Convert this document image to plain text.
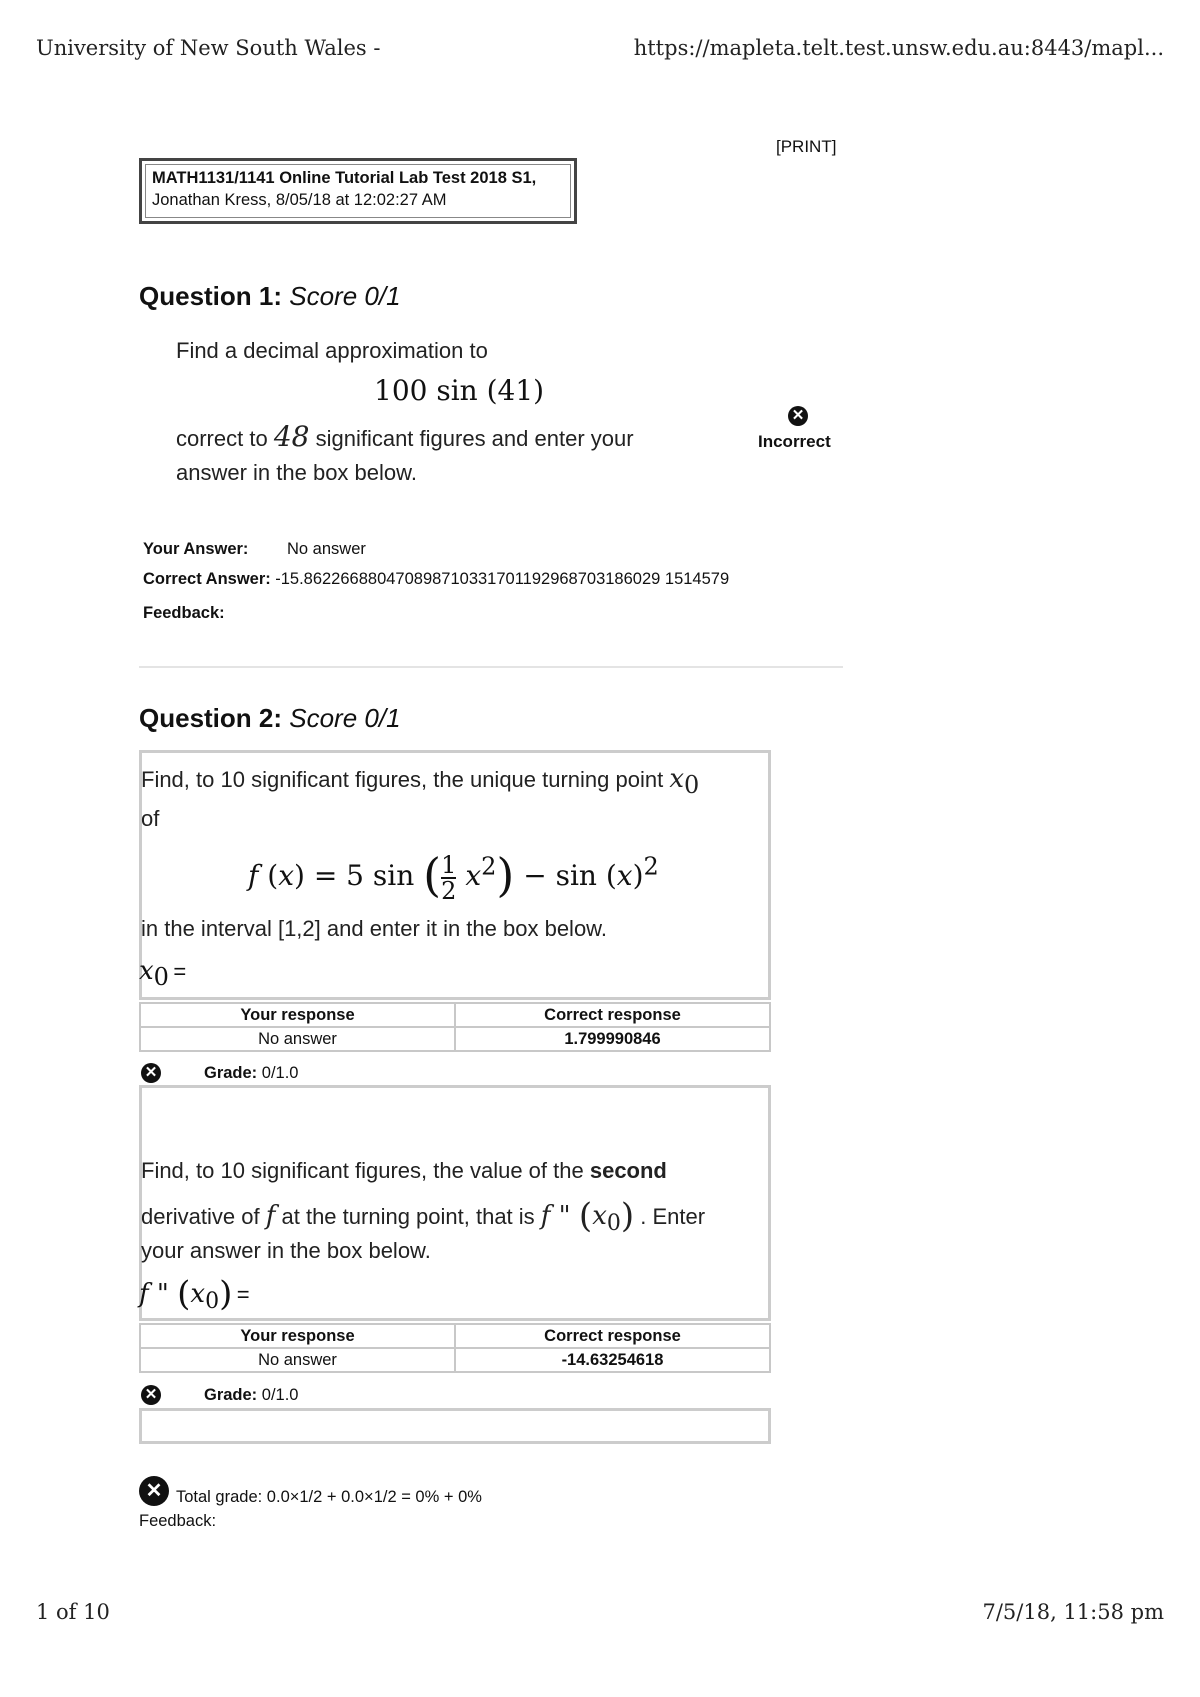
University of New South Wales -	https://mapleta.telt.test.unsw.edu.au:8443/mapl...
[PRINT]
MATH1131/1141 Online Tutorial Lab Test 2018 S1,
Jonathan Kress, 8/05/18 at 12:02:27 AM
Question 1: Score 0/1
Find a decimal approximation to
100 sin (41)
correct to 48 significant figures and enter your
answer in the box below.
✕
Incorrect
Your Answer: No answer
Correct Answer: -15.862266880470898710331701192968703186029 1514579
Feedback:
Question 2: Score 0/1
Find, to 10 significant figures, the unique turning point x0
of
f (x) = 5 sin ( $\frac{1}{2} x^2) - \sin (x)^2$
in the interval [1,2] and enter it in the box below.
x0 =
Your response	Correct response
No answer	1.799990846
✕	Grade: 0/1.0
Find, to 10 significant figures, the value of the second
derivative of f at the turning point, that is f " $(x_0)$ . Enter
your answer in the box below.
f " $(x_0)$ =
Your response	Correct response
No answer	-14.63254618
✕	Grade: 0/1.0
✕ Total grade: 0.0×1/2 + 0.0×1/2 = 0% + 0%
Feedback:
1 of 10	7/5/18, 11:58 pm
